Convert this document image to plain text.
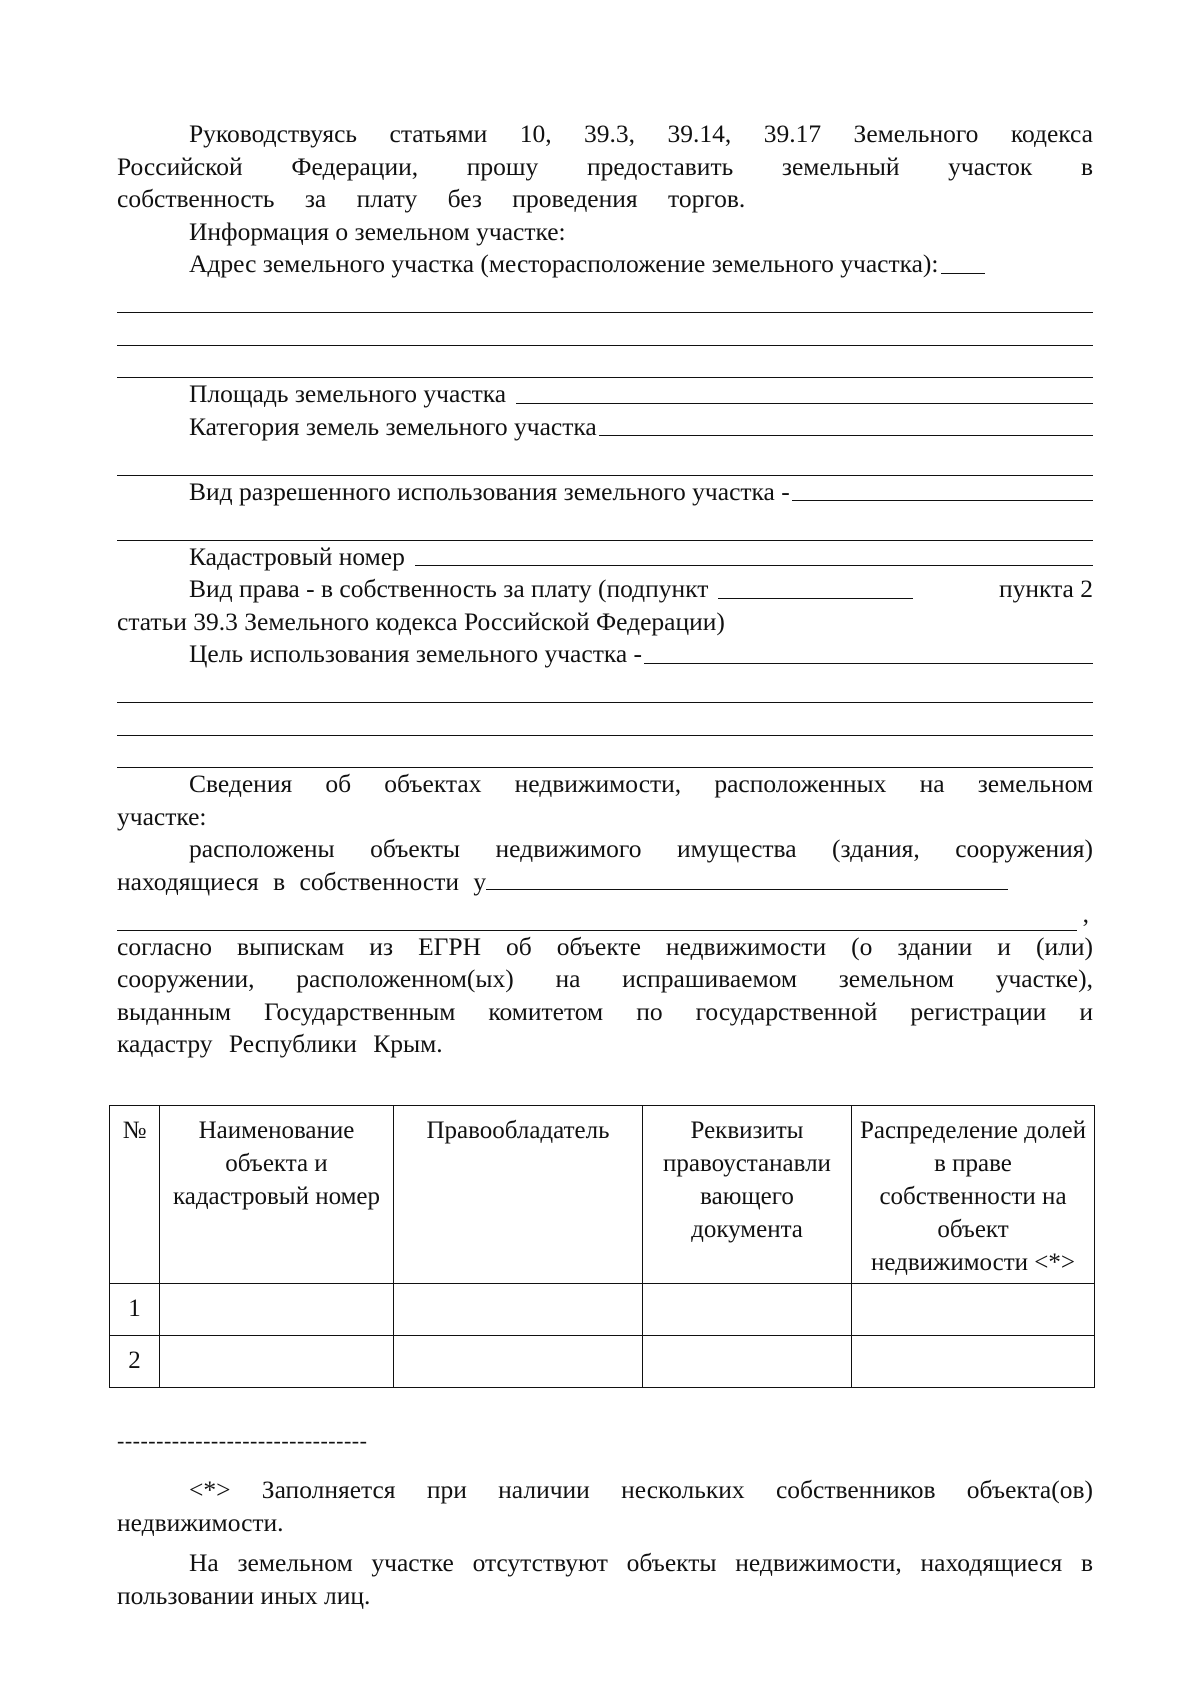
Руководствуясь статьями 10, 39.3, 39.14, 39.17 Земельного кодекса Российской Федерации, прошу предоставить земельный участок в собственность за плату без проведения торгов.

Информация о земельном участке:

Адрес земельного участка (месторасположение земельного участка):
Площадь земельного участка
Категория земель земельного участка
Вид разрешенного использования земельного участка -
Кадастровый номер
Вид права - в собственность за плату (подпункт	пункта 2

статьи 39.3 Земельного кодекса Российской Федерации)

Цель использования земельного участка -

Сведения об объектах недвижимости, расположенных на земельном участке:

расположены объекты недвижимого имущества (здания, сооружения) находящиеся в собственности у

,

согласно выпискам из ЕГРН об объекте недвижимости (о здании и (или) сооружении, расположенном(ых) на испрашиваемом земельном участке), выданным Государственным комитетом по государственной регистрации и кадастру Республики Крым.

№	Наименование объекта и кадастровый номер	Правообладатель	Реквизиты правоустанавли вающего документа	Распределение долей в праве собственности на объект недвижимости <*>
1				
2				
--------------------------------

<*> Заполняется при наличии нескольких собственников объекта(ов) недвижимости.

На земельном участке отсутствуют объекты недвижимости, находящиеся в пользовании иных лиц.
